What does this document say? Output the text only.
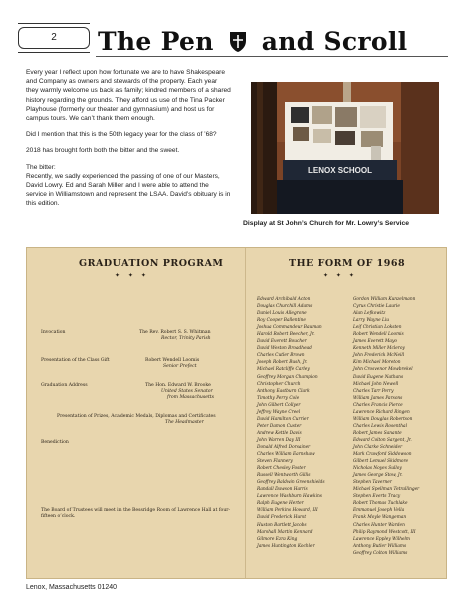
2	The Pen and Scroll

Every year I reflect upon how fortunate we are to have Shakespeare and Company as owners and stewards of the property. Each year they warmly welcome us back as family; kindred members of a shared history regarding the grounds. They afford us use of the Tina Packer Playhouse (formerly our theater and gymnasium) and host us for campus tours. We can’t thank them enough.

Did I mention that this is the 50th legacy year for the class of ’68?

2018 has brought forth both the bitter and the sweet.

The bitter:
Recently, we sadly experienced the passing of one of our Masters, David Lowry. Ed and Sarah Miller and I were able to attend the service in Williamstown and represent the LSAA. David’s obituary is in this edition.

LENOX SCHOOL
Display at St John’s Church for Mr. Lowry’s Service
GRADUATION PROGRAM
✦ ✦ ✦
THE FORM OF 1968
✦ ✦ ✦
Invocation	The Rev. Robert S. S. Whitman
Rector, Trinity Parish
Presentation of the Class Gift	Robert Wendell Loomis
Senior Prefect
Graduation Address	The Hon. Edward W. Brooke
United States Senator
from Massachusetts
Presentation of Prizes, Academic Medals, Diplomas and Certificates
The Headmaster
Benediction
The Board of Trustees will meet in the Bessridge Room of Lawrence Hall at four-fifteen o’clock.
Edward Archibald Acton
Douglas Churchill Adams
Daniel Louis Allegrone
Roy Cooper Ballentine
Joshua Commandeur Bauman
Harold Robert Beecher, Jr.
David Everett Boucher
David Weston Broadhead
Charles Cutler Brown
Joseph Robert Bush, Jr.
Michael Ratcliffe Carley
Geoffrey Morgan Champion
Christopher Church
Anthony Eastburn Clark
Timothy Perry Cole
John Gilbert Collyer
Jeffrey Wayne Creel
David Hamilton Currier
Peter Damon Custer
Andrew Kettle Davis
John Warren Day III
Donald Alfred Dorsainer
Charles William Earnshaw
Steven Flannery
Robert Chesley Foster
Russell Wentworth Gillis
Geoffrey Baldwin Greenshields
Randall Dawson Harris
Lawrence Washburn Hawkins
Ralph Eugene Herter
William Perkins Howard, III
David Frederick Hurst
Huston Bartlett Jacobs
Marshall Martin Kennard
Gilmore Ezra King
James Huntington Kochler
Gordon William Kunzelmann
Cyrus Christie Laurie
Alan Lefkowitz
Larry Wayne Liu
Leif Christian Loksten
Robert Wendell Loomis
James Everett Mayo
Kenneth Miller Mcleroy
John Frederick McNeill
Kim Michael Moreton
John Crosvenor Mowbrekel
David Eugene Nathans
Michael John Newell
Charles Tarr Perry
William James Parsons
Charles Francis Pierce
Lawrence Richard Ringen
William Douglas Robertson
Charles Lewis Rosenthal
Robert James Sanante
Edward Colton Sargent, Jr.
John Clarke Schneider
Mark Crawford Siddowson
Gilbert Lemuel Skidmore
Nicholas Noyes Sulloy
James George Stow, Jr.
Stephen Taverner
Michael Spellman Tetrallinger
Stephen Everts Tracy
Robert Thomas Tuchlake
Emmanuel Joseph Vella
Frank Moyle Wangeman
Charles Hunter Warden
Philip Raymond Westcott, III
Lawrence Eppley Wilhelm
Anthony Butler Williams
Geoffrey Colton Williams
Lenox, Massachusetts 01240
